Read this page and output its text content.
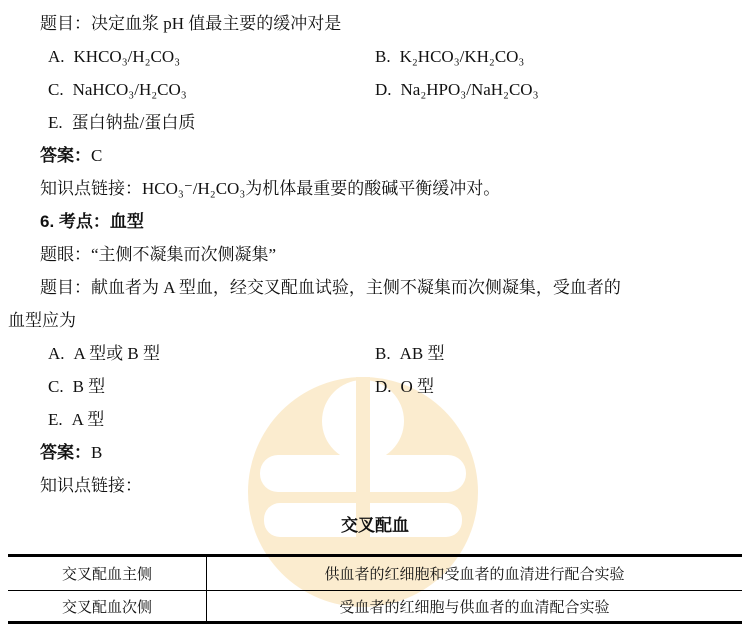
题目：决定血浆 pH 值最主要的缓冲对是

A. KHCO₃/H₂CO₃	B. K₂HCO₃/KH₂CO₃
C. NaHCO₃/H₂CO₃	D. Na₂HPO₃/NaH₂CO₃
E. 蛋白钠盐/蛋白质

答案：C

知识点链接：HCO₃⁻/H₂CO₃为机体最重要的酸碱平衡缓冲对。

6. 考点：血型

题眼：“主侧不凝集而次侧凝集”

题目：献血者为 A 型血，经交叉配血试验，主侧不凝集而次侧凝集，受血者的

血型应为

A. A 型或 B 型	B. AB 型
C. B 型	D. O 型
E. A 型

答案：B

知识点链接：

交叉配血

交叉配血主侧	供血者的红细胞和受血者的血清进行配合实验
交叉配血次侧	受血者的红细胞与供血者的血清配合实验
